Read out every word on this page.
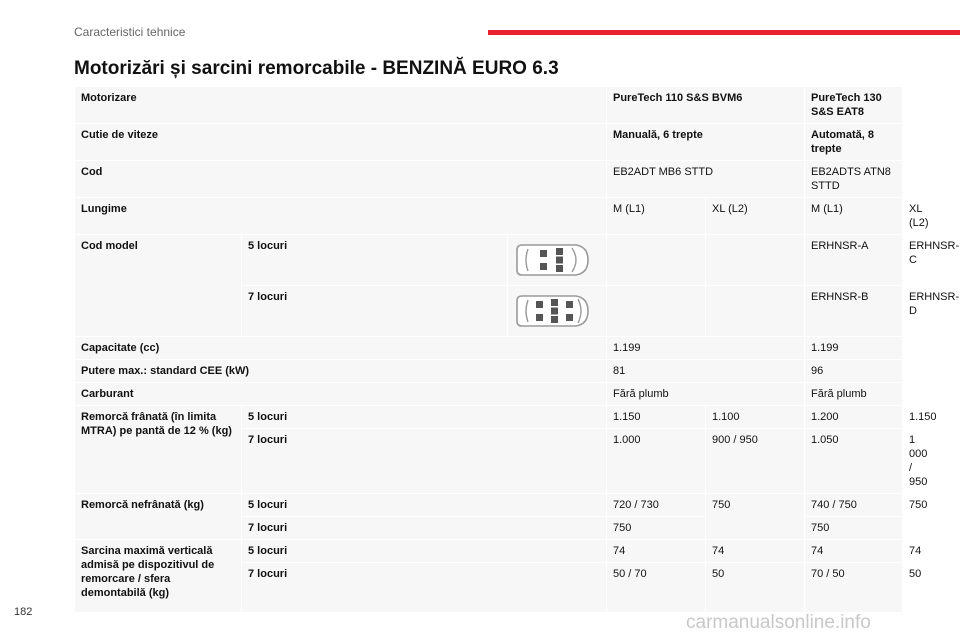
Caracteristici tehnice
Motorizări și sarcini remorcabile - BENZINĂ EURO 6.3
Motorizare			PureTech 110 S&S BVM6		PureTech 130 S&S EAT8	
Cutie de viteze			Manuală, 6 trepte		Automată, 8 trepte	
Cod			EB2ADT MB6 STTD		EB2ADTS ATN8 STTD	
Lungime			M (L1)	XL (L2)	M (L1)	XL (L2)
Cod model	5 locuri				ERHNSR-A	ERHNSR-C
	7 locuri				ERHNSR-B	ERHNSR-D
Capacitate (cc)			1.199		1.199	
Putere max.: standard CEE (kW)			81		96	
Carburant			Fără plumb		Fără plumb	
Remorcă frânată (în limita MTRA) pe pantă de 12 % (kg)	5 locuri		1.150	1.100	1.200	1.150
	7 locuri		1.000	900 / 950	1.050	1 000 / 950
Remorcă nefrânată (kg)	5 locuri		720 / 730	750	740 / 750	750
	7 locuri		750		750	
Sarcina maximă verticală admisă pe dispozitivul de remorcare / sfera demontabilă (kg)	5 locuri		74	74	74	74
	7 locuri		50 / 70	50	70 / 50	50
182	carmanualsonline.info
